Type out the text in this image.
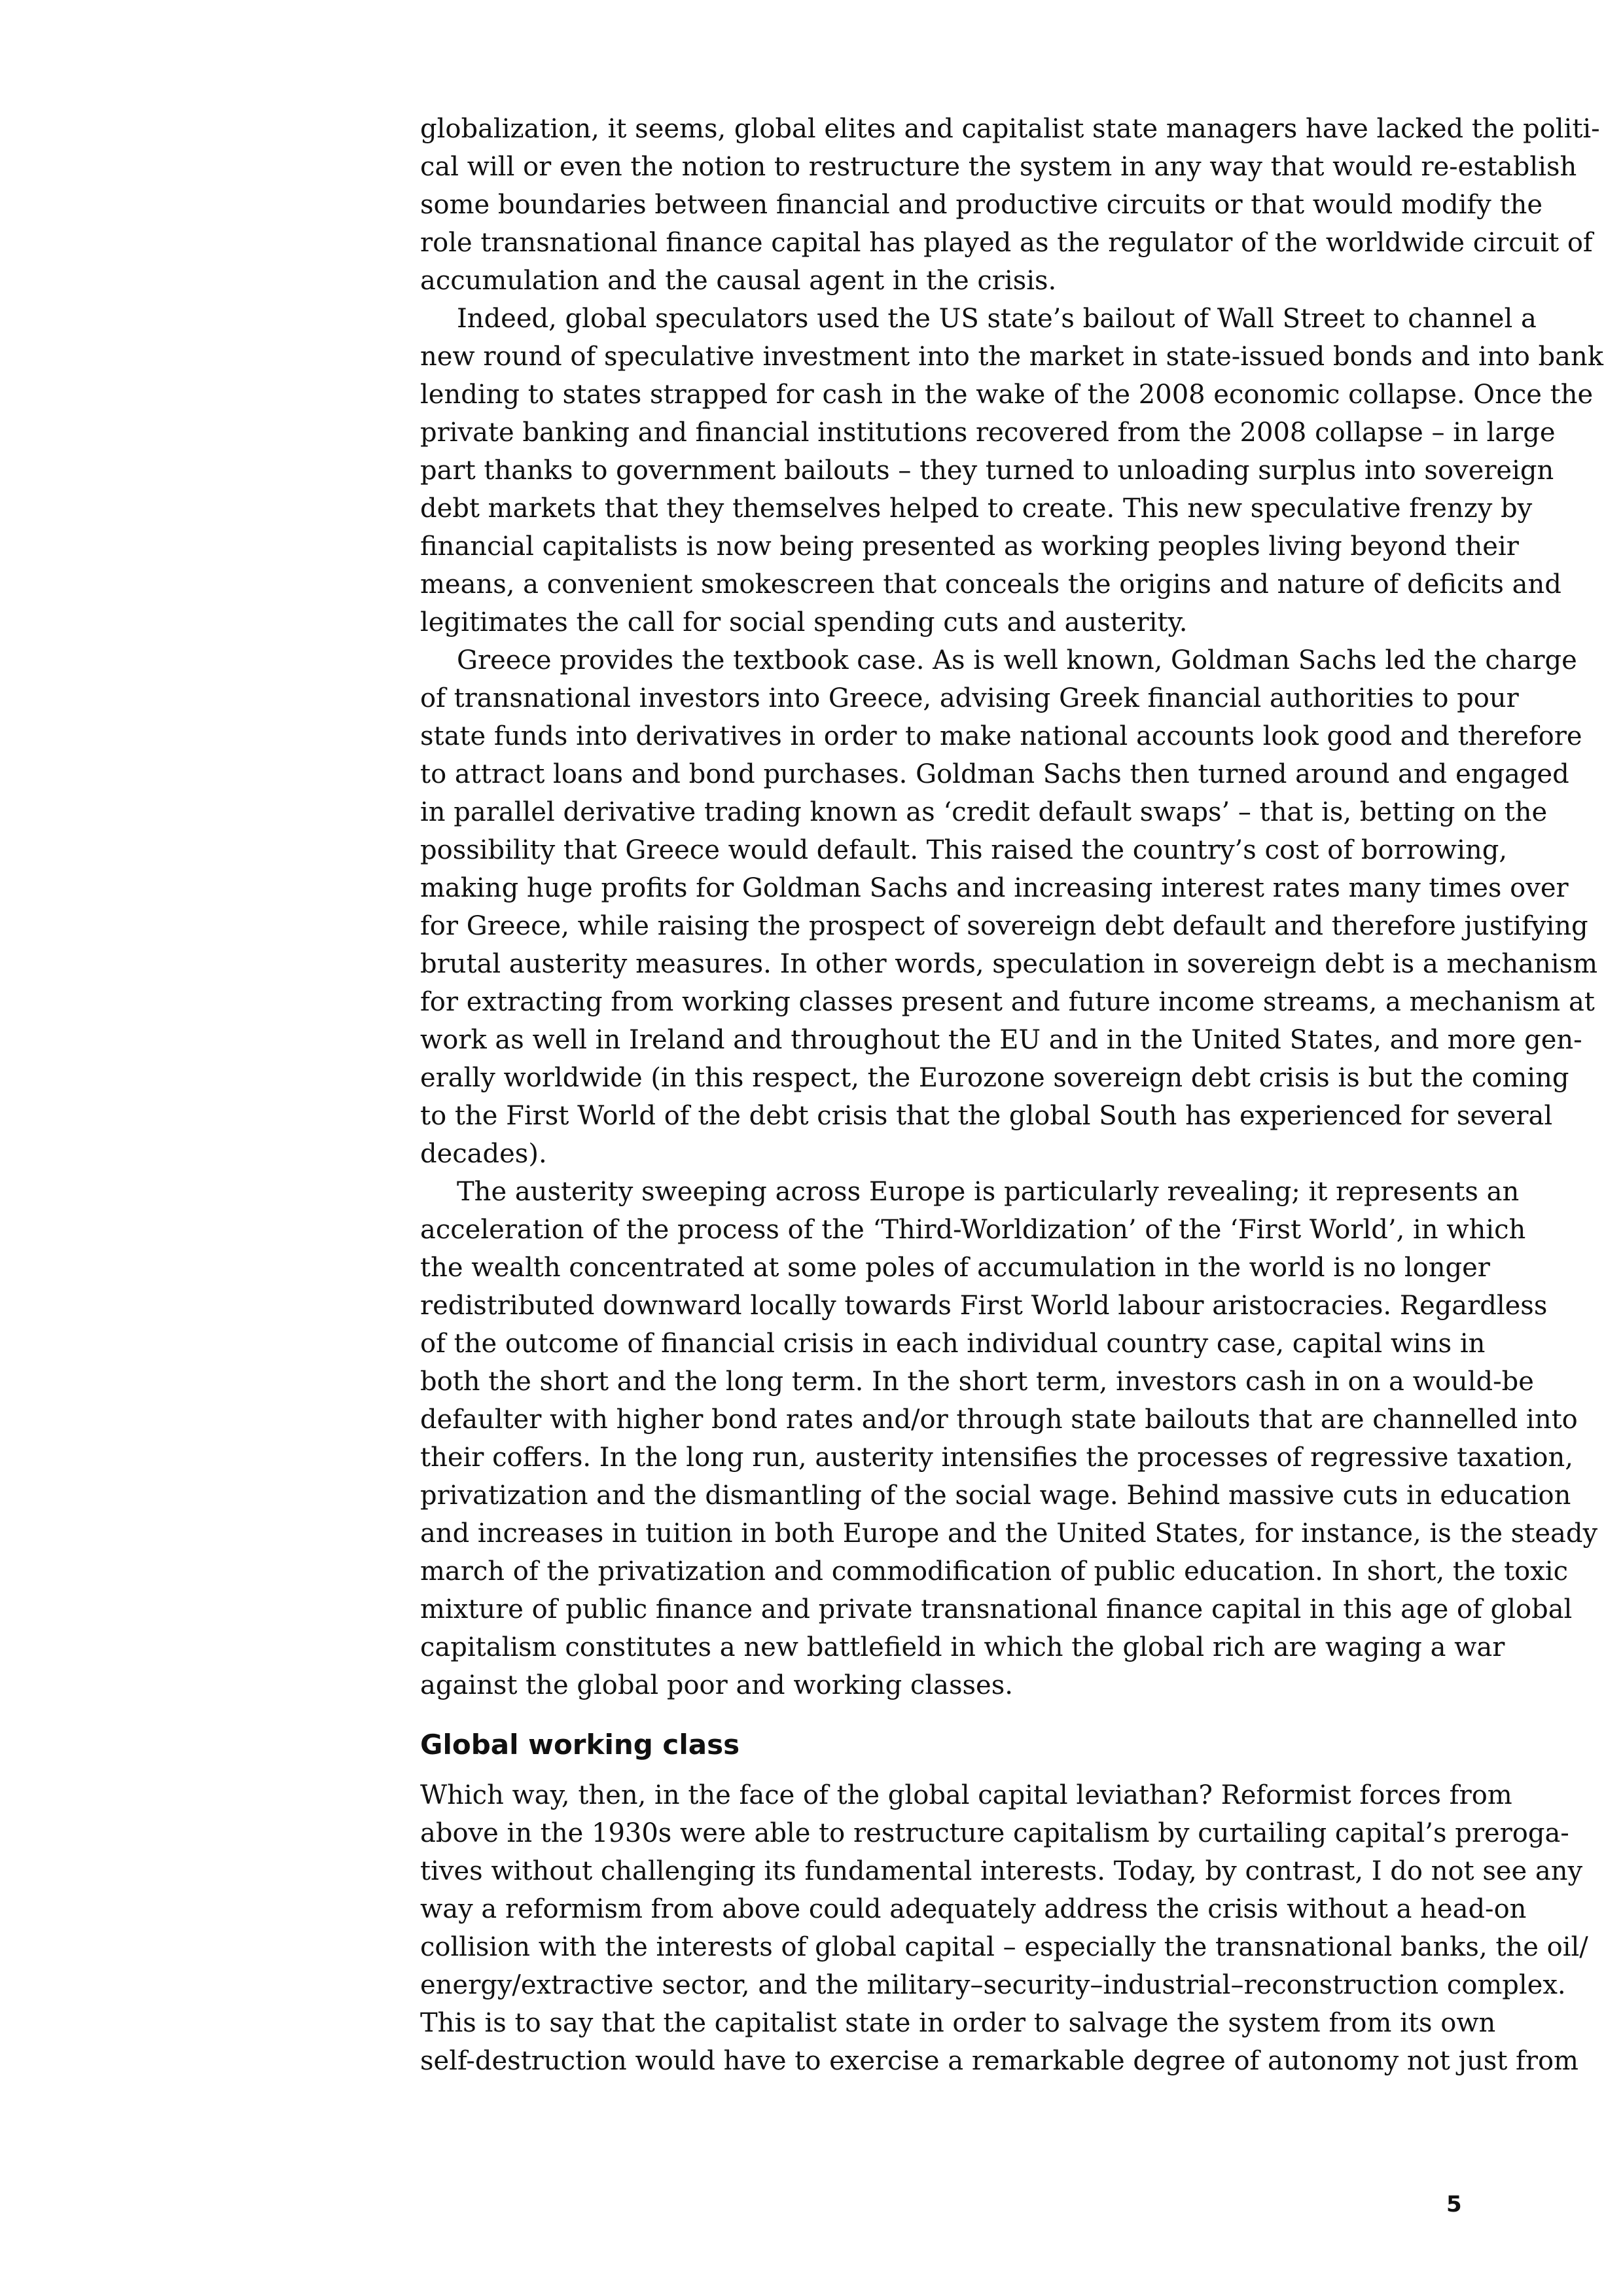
globalization, it seems, global elites and capitalist state managers have lacked the politi-
cal will or even the notion to restructure the system in any way that would re-establish
some boundaries between financial and productive circuits or that would modify the
role transnational finance capital has played as the regulator of the worldwide circuit of
accumulation and the causal agent in the crisis.
Indeed, global speculators used the US state’s bailout of Wall Street to channel a
new round of speculative investment into the market in state-issued bonds and into bank
lending to states strapped for cash in the wake of the 2008 economic collapse. Once the
private banking and financial institutions recovered from the 2008 collapse – in large
part thanks to government bailouts – they turned to unloading surplus into sovereign
debt markets that they themselves helped to create. This new speculative frenzy by
financial capitalists is now being presented as working peoples living beyond their
means, a convenient smokescreen that conceals the origins and nature of deficits and
legitimates the call for social spending cuts and austerity.
Greece provides the textbook case. As is well known, Goldman Sachs led the charge
of transnational investors into Greece, advising Greek financial authorities to pour
state funds into derivatives in order to make national accounts look good and therefore
to attract loans and bond purchases. Goldman Sachs then turned around and engaged
in parallel derivative trading known as ‘credit default swaps’ – that is, betting on the
possibility that Greece would default. This raised the country’s cost of borrowing,
making huge profits for Goldman Sachs and increasing interest rates many times over
for Greece, while raising the prospect of sovereign debt default and therefore justifying
brutal austerity measures. In other words, speculation in sovereign debt is a mechanism
for extracting from working classes present and future income streams, a mechanism at
work as well in Ireland and throughout the EU and in the United States, and more gen-
erally worldwide (in this respect, the Eurozone sovereign debt crisis is but the coming
to the First World of the debt crisis that the global South has experienced for several
decades).
The austerity sweeping across Europe is particularly revealing; it represents an
acceleration of the process of the ‘Third-Worldization’ of the ‘First World’, in which
the wealth concentrated at some poles of accumulation in the world is no longer
redistributed downward locally towards First World labour aristocracies. Regardless
of the outcome of financial crisis in each individual country case, capital wins in
both the short and the long term. In the short term, investors cash in on a would-be
defaulter with higher bond rates and/or through state bailouts that are channelled into
their coffers. In the long run, austerity intensifies the processes of regressive taxation,
privatization and the dismantling of the social wage. Behind massive cuts in education
and increases in tuition in both Europe and the United States, for instance, is the steady
march of the privatization and commodification of public education. In short, the toxic
mixture of public finance and private transnational finance capital in this age of global
capitalism constitutes a new battlefield in which the global rich are waging a war
against the global poor and working classes.
Global working class
Which way, then, in the face of the global capital leviathan? Reformist forces from
above in the 1930s were able to restructure capitalism by curtailing capital’s preroga-
tives without challenging its fundamental interests. Today, by contrast, I do not see any
way a reformism from above could adequately address the crisis without a head-on
collision with the interests of global capital – especially the transnational banks, the oil/
energy/extractive sector, and the military–security–industrial–reconstruction complex.
This is to say that the capitalist state in order to salvage the system from its own
self-destruction would have to exercise a remarkable degree of autonomy not just from
5
